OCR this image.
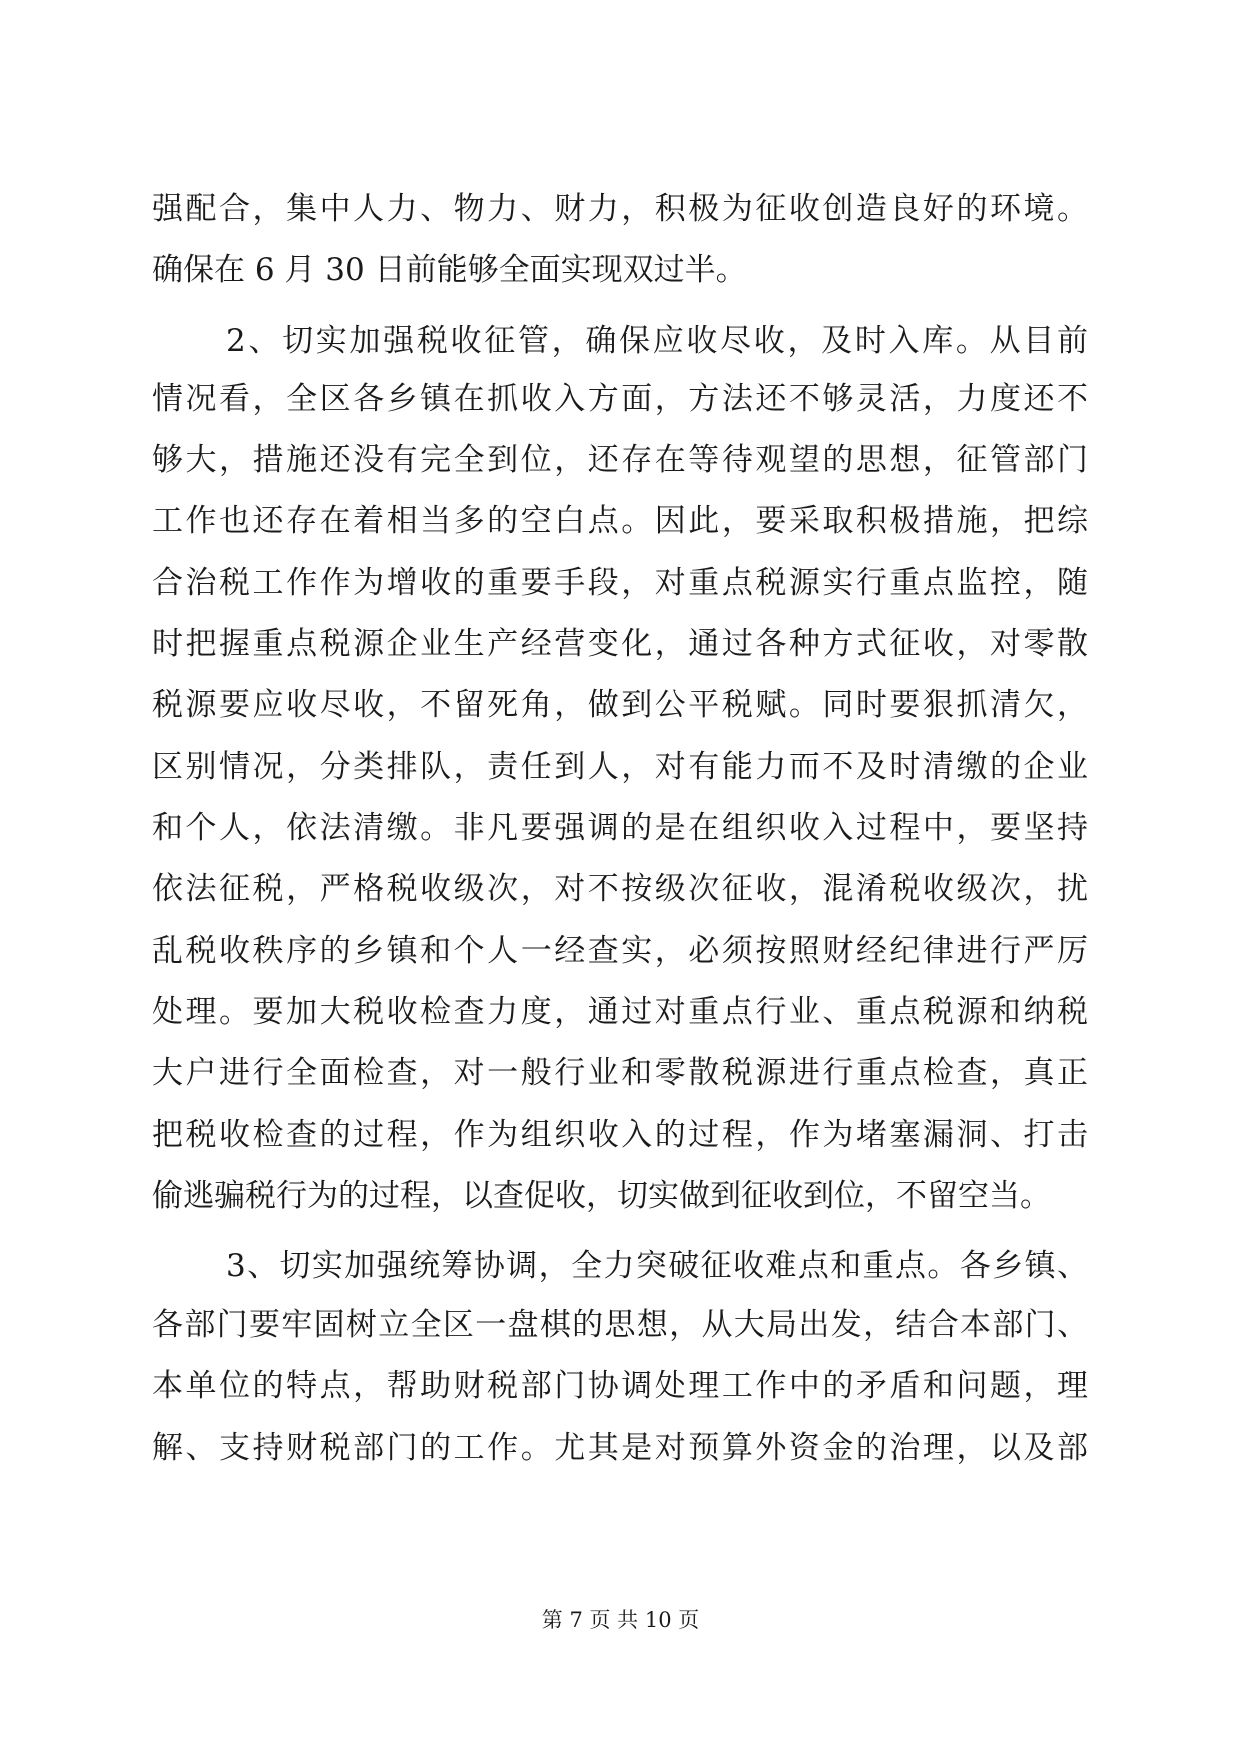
强配合，集中人力、物力、财力，积极为征收创造良好的环境。
确保在 6 月 30 日前能够全面实现双过半。
2、切实加强税收征管，确保应收尽收，及时入库。从目前
情况看，全区各乡镇在抓收入方面，方法还不够灵活，力度还不
够大，措施还没有完全到位，还存在等待观望的思想，征管部门
工作也还存在着相当多的空白点。因此，要采取积极措施，把综
合治税工作作为增收的重要手段，对重点税源实行重点监控，随
时把握重点税源企业生产经营变化，通过各种方式征收，对零散
税源要应收尽收，不留死角，做到公平税赋。同时要狠抓清欠，
区别情况，分类排队，责任到人，对有能力而不及时清缴的企业
和个人，依法清缴。非凡要强调的是在组织收入过程中，要坚持
依法征税，严格税收级次，对不按级次征收，混淆税收级次，扰
乱税收秩序的乡镇和个人一经查实，必须按照财经纪律进行严厉
处理。要加大税收检查力度，通过对重点行业、重点税源和纳税
大户进行全面检查，对一般行业和零散税源进行重点检查，真正
把税收检查的过程，作为组织收入的过程，作为堵塞漏洞、打击
偷逃骗税行为的过程，以查促收，切实做到征收到位，不留空当。
3、切实加强统筹协调，全力突破征收难点和重点。各乡镇、
各部门要牢固树立全区一盘棋的思想，从大局出发，结合本部门、
本单位的特点，帮助财税部门协调处理工作中的矛盾和问题，理
解、支持财税部门的工作。尤其是对预算外资金的治理，以及部
第 7 页 共 10 页
